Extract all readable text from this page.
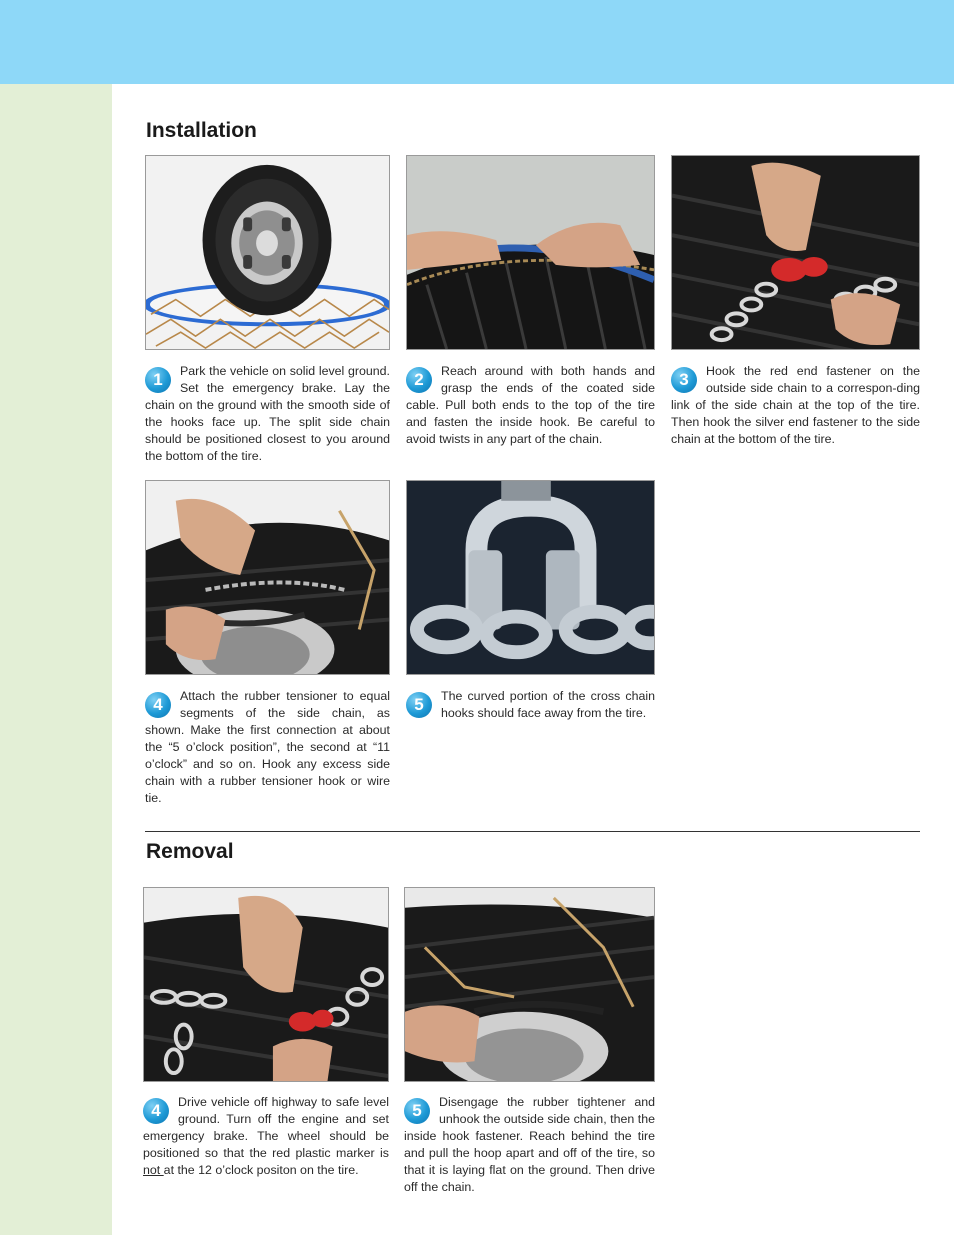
Installation
1	Park the vehicle on solid level ground. Set the emergency brake. Lay the chain on the ground with the smooth side of the hooks face up. The split side chain should be positioned closest to you around the bottom of the tire.
2	Reach around with both hands and grasp the ends of the coated side cable. Pull both ends to the top of the tire and fasten the inside hook. Be careful to avoid twists in any part of the chain.
3	Hook the red end fastener on the outside side chain to a correspon-ding link of the side chain at the top of the tire. Then hook the silver end fastener to the side chain at the bottom of the tire.
4	Attach the rubber tensioner to equal segments of the side chain, as shown. Make the first connection at about the “5 o’clock position”, the second at “11 o’clock” and so on. Hook any excess side chain with a rubber tensioner hook or wire tie.
5	The curved portion of the cross chain hooks should face away from the tire.
Removal
4	Drive vehicle off highway to safe level ground. Turn off the engine and set emergency brake. The wheel should be positioned so that the red plastic marker is not at the 12 o’clock positon on the tire.
5	Disengage the rubber tightener and unhook the outside side chain, then the inside hook fastener. Reach behind the tire and pull the hoop apart and off of the tire, so that it is laying flat on the ground. Then drive off the chain.
